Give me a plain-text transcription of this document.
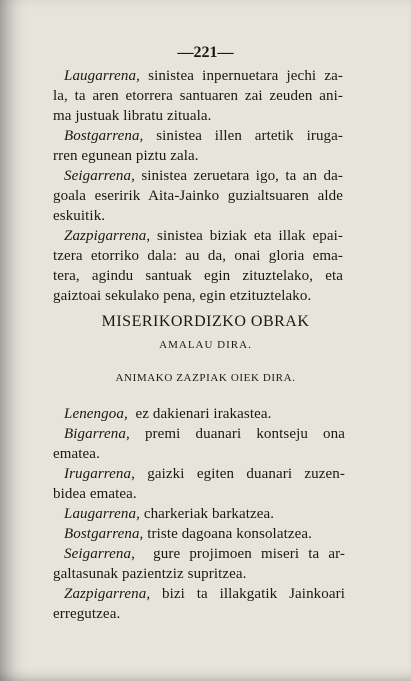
—221—
Laugarrena, sinistea inpernuetara jechi za-
la, ta aren etorrera santuaren zai zeuden ani-
ma justuak libratu zituala.
Bostgarrena, sinistea illen artetik iruga-
rren egunean piztu zala.
Seigarrena, sinistea zeruetara igo, ta an da-
goala eseririk Aita-Jainko guzialtsuaren alde
eskuitik.
Zazpigarrena, sinistea biziak eta illak epai-
tzera etorriko dala: au da, onai gloria ema-
tera, agindu santuak egin zituztelako, eta
gaiztoai sekulako pena, egin etzituztelako.
MISERIKORDIZKO OBRAK
AMALAU DIRA.
ANIMAKO ZAZPIAK OIEK DIRA.
Lenengoa,  ez dakienari irakastea.
Bigarrena, premi duanari kontseju ona
ematea.
Irugarrena, gaizki egiten duanari zuzen-
bidea ematea.
Laugarrena, charkeriak barkatzea.
Bostgarrena, triste dagoana konsolatzea.
Seigarrena,  gure projimoen miseri ta ar-
galtasunak pazientziz supritzea.
Zazpigarrena, bizi ta illakgatik Jainkoari
erregutzea.
